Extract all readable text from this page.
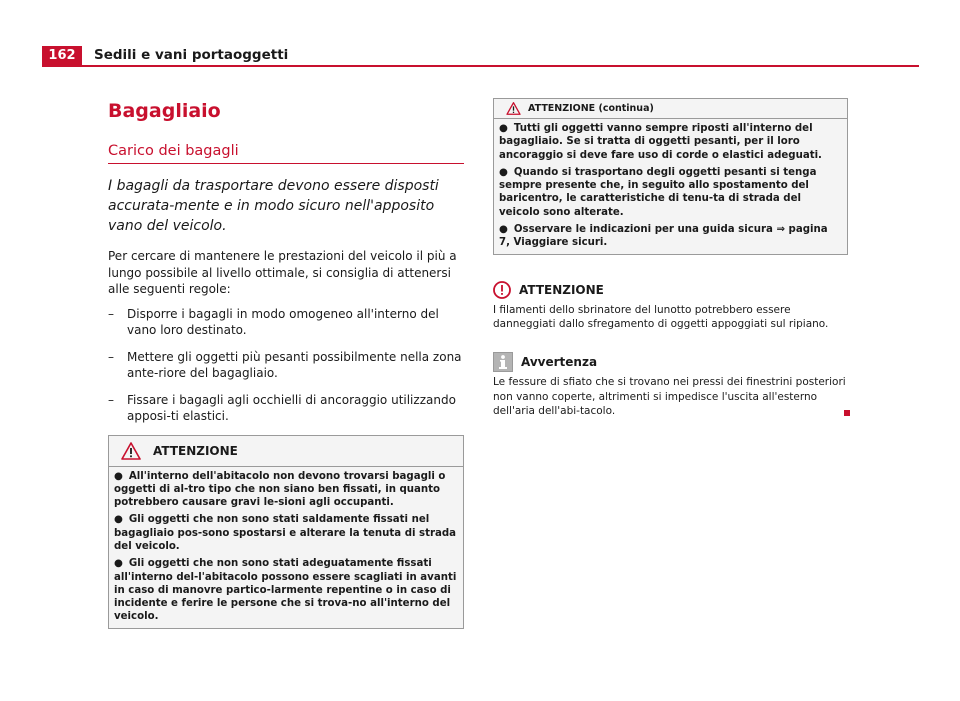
162	Sedili e vani portaoggetti
Bagagliaio
Carico dei bagagli
I bagagli da trasportare devono essere disposti accurata-mente e in modo sicuro nell'apposito vano del veicolo.
Per cercare di mantenere le prestazioni del veicolo il più a lungo possibile al livello ottimale, si consiglia di attenersi alle seguenti regole:
– Disporre i bagagli in modo omogeneo all'interno del vano loro destinato.
– Mettere gli oggetti più pesanti possibilmente nella zona ante-riore del bagagliaio.
– Fissare i bagagli agli occhielli di ancoraggio utilizzando apposi-ti elastici.
ATTENZIONE

● All'interno dell'abitacolo non devono trovarsi bagagli o oggetti di al-tro tipo che non siano ben fissati, in quanto potrebbero causare gravi le-sioni agli occupanti.

● Gli oggetti che non sono stati saldamente fissati nel bagagliaio pos-sono spostarsi e alterare la tenuta di strada del veicolo.

● Gli oggetti che non sono stati adeguatamente fissati all'interno del-l'abitacolo possono essere scagliati in avanti in caso di manovre partico-larmente repentine o in caso di incidente e ferire le persone che si trova-no all'interno del veicolo.

ATTENZIONE (continua)

● Tutti gli oggetti vanno sempre riposti all'interno del bagagliaio. Se si tratta di oggetti pesanti, per il loro ancoraggio si deve fare uso di corde o elastici adeguati.

● Quando si trasportano degli oggetti pesanti si tenga sempre presente che, in seguito allo spostamento del baricentro, le caratteristiche di tenu-ta di strada del veicolo sono alterate.

● Osservare le indicazioni per una guida sicura ⇒ pagina 7, Viaggiare sicuri.

ATTENZIONE
I filamenti dello sbrinatore del lunotto potrebbero essere danneggiati dallo sfregamento di oggetti appoggiati sul ripiano.
Avvertenza
Le fessure di sfiato che si trovano nei pressi dei finestrini posteriori non vanno coperte, altrimenti si impedisce l'uscita all'esterno dell'aria dell'abi-tacolo.
